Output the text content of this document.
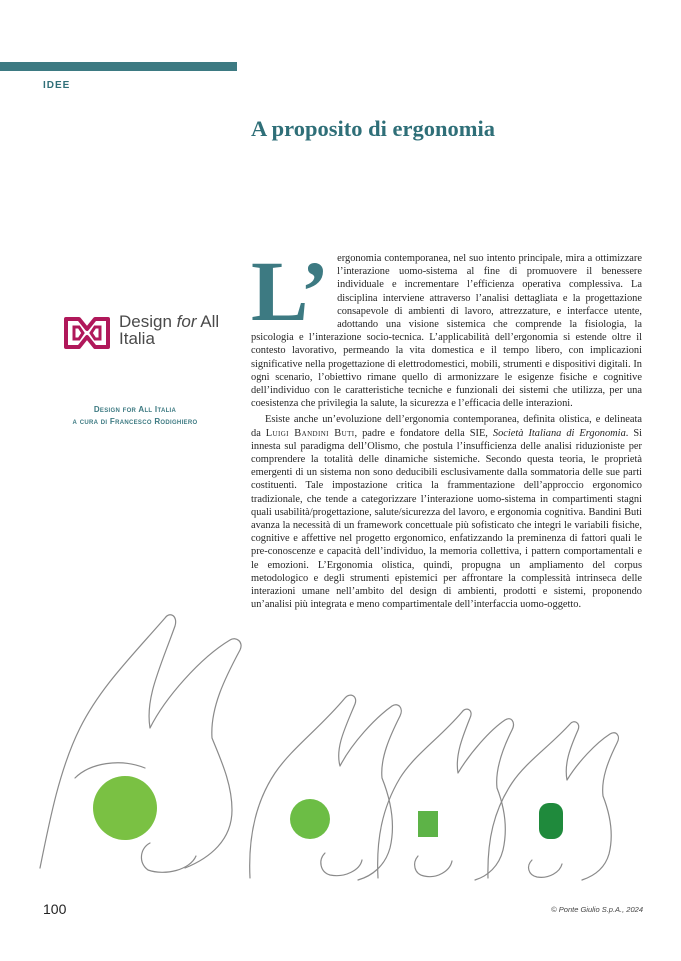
IDEE
A proposito di ergonomia
Design for All
Italia
Design for All Italia
a cura di Francesco Rodighiero

L’ ergonomia contemporanea, nel suo intento principale, mira a ottimizzare l’interazione uomo-sistema al fine di promuovere il benessere individuale e incrementare l’efficienza operativa complessiva. La disciplina interviene attraverso l’analisi dettagliata e la progettazione consapevole di ambienti di lavoro, attrezzature, e interfacce utente, adottando una visione sistemica che comprende la fisiologia, la psicologia e l’interazione socio-tecnica. L’applicabilità dell’ergonomia si estende oltre il contesto lavorativo, permeando la vita domestica e il tempo libero, con implicazioni significative nella progettazione di elettrodomestici, mobili, strumenti e dispositivi digitali. In ogni scenario, l’obiettivo rimane quello di armonizzare le esigenze fisiche e cognitive dell’individuo con le caratteristiche tecniche e funzionali dei sistemi che utilizza, per una coesistenza che privilegia la salute, la sicurezza e l’efficacia delle interazioni.

Esiste anche un’evoluzione dell’ergonomia contemporanea, definita olistica, e delineata da Luigi Bandini Buti, padre e fondatore della SIE, Società Italiana di Ergonomia. Si innesta sul paradigma dell’Olismo, che postula l’insufficienza delle analisi riduzioniste per comprendere la totalità delle dinamiche sistemiche. Secondo questa teoria, le proprietà emergenti di un sistema non sono deducibili esclusivamente dalla sommatoria delle sue parti costituenti. Tale impostazione critica la frammentazione dell’approccio ergonomico tradizionale, che tende a categorizzare l’interazione uomo-sistema in compartimenti stagni quali usabilità/progettazione, salute/sicurezza del lavoro, e ergonomia cognitiva. Bandini Buti avanza la necessità di un framework concettuale più sofisticato che integri le variabili fisiche, cognitive e affettive nel progetto ergonomico, enfatizzando la preminenza di fattori quali le pre-conoscenze e capacità dell’individuo, la memoria collettiva, i pattern comportamentali e le emozioni. L’Ergonomia olistica, quindi, propugna un ampliamento del corpus metodologico e degli strumenti epistemici per affrontare la complessità intrinseca delle interazioni umane nell’ambito del design di ambienti, prodotti e sistemi, proponendo un’analisi più integrata e meno compartimentale dell’interfaccia uomo-oggetto.

100	© Ponte Giulio S.p.A., 2024
